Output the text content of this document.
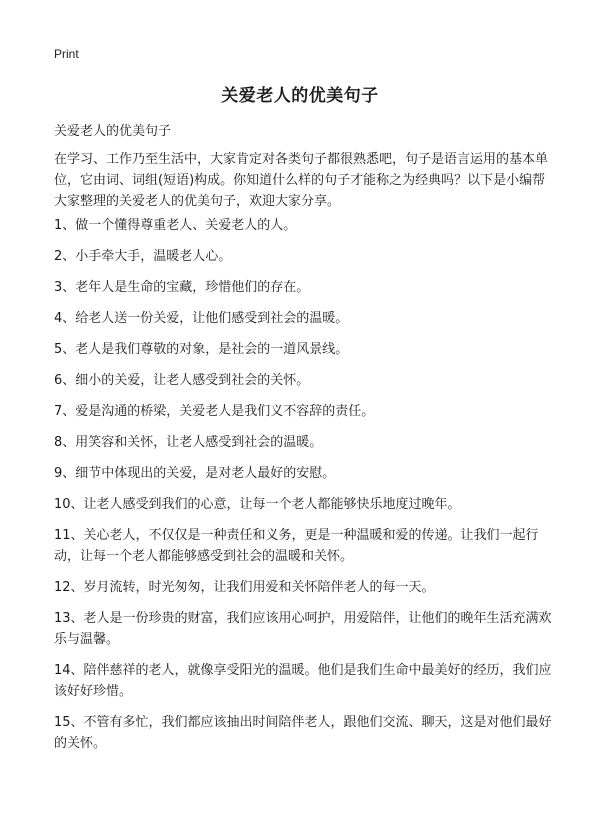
Print
关爱老人的优美句子
关爱老人的优美句子
在学习、工作乃至生活中，大家肯定对各类句子都很熟悉吧，句子是语言运用的基本单位，它由词、词组(短语)构成。你知道什么样的句子才能称之为经典吗？以下是小编帮大家整理的关爱老人的优美句子，欢迎大家分享。
1、做一个懂得尊重老人、关爱老人的人。
2、小手牵大手，温暖老人心。
3、老年人是生命的宝藏，珍惜他们的存在。
4、给老人送一份关爱，让他们感受到社会的温暖。
5、老人是我们尊敬的对象，是社会的一道风景线。
6、细小的关爱，让老人感受到社会的关怀。
7、爱是沟通的桥梁，关爱老人是我们义不容辞的责任。
8、用笑容和关怀，让老人感受到社会的温暖。
9、细节中体现出的关爱，是对老人最好的安慰。
10、让老人感受到我们的心意，让每一个老人都能够快乐地度过晚年。
11、关心老人，不仅仅是一种责任和义务，更是一种温暖和爱的传递。让我们一起行动，让每一个老人都能够感受到社会的温暖和关怀。
12、岁月流转，时光匆匆，让我们用爱和关怀陪伴老人的每一天。
13、老人是一份珍贵的财富，我们应该用心呵护，用爱陪伴，让他们的晚年生活充满欢乐与温馨。
14、陪伴慈祥的老人，就像享受阳光的温暖。他们是我们生命中最美好的经历，我们应该好好珍惜。
15、不管有多忙，我们都应该抽出时间陪伴老人，跟他们交流、聊天，这是对他们最好的关怀。
